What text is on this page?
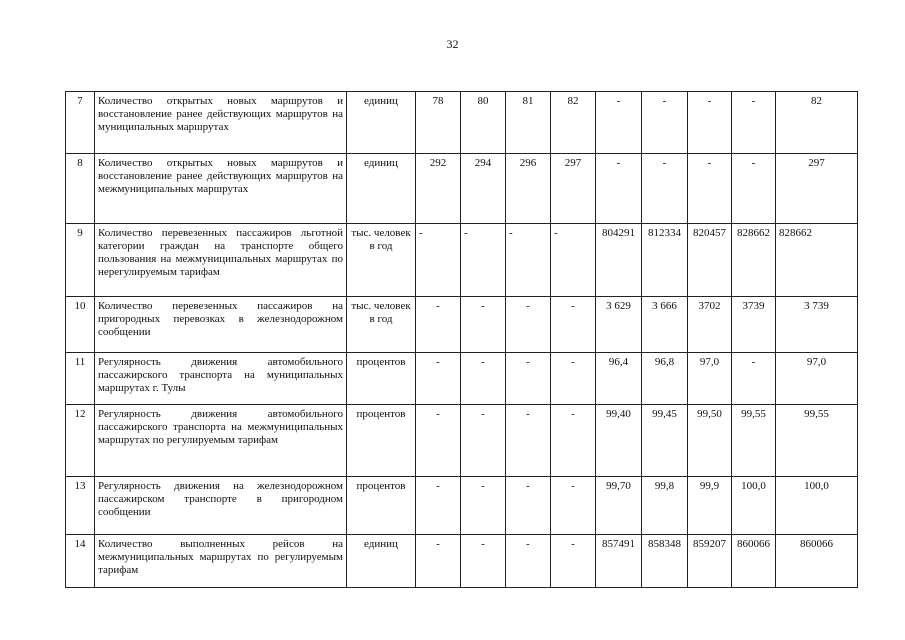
32
7	Количество открытых новых маршрутов и восстановление ранее действующих маршрутов на муниципальных маршрутах	единиц	78	80	81	82	-	-	-	-	82
8	Количество открытых новых маршрутов и восстановление ранее действующих маршрутов на межмуниципальных маршрутах	единиц	292	294	296	297	-	-	-	-	297
9	Количество перевезенных пассажиров льготной категории граждан на транспорте общего пользования на межмуниципальных маршрутах по нерегулируемым тарифам	тыс. человек в год	-	-	-	-	804291	812334	820457	828662	828662
10	Количество перевезенных пассажиров на пригородных перевозках в железнодорожном сообщении	тыс. человек в год	-	-	-	-	3 629	3 666	3702	3739	3 739
11	Регулярность движения автомобильного пассажирского транспорта на муниципальных маршрутах г. Тулы	процентов	-	-	-	-	96,4	96,8	97,0	-	97,0
12	Регулярность движения автомобильного пассажирского транспорта на межмуниципальных маршрутах по регулируемым тарифам	процентов	-	-	-	-	99,40	99,45	99,50	99,55	99,55
13	Регулярность движения на железнодорожном пассажирском транспорте в пригородном сообщении	процентов	-	-	-	-	99,70	99,8	99,9	100,0	100,0
14	Количество выполненных рейсов на межмуниципальных маршрутах по регулируемым тарифам	единиц	-	-	-	-	857491	858348	859207	860066	860066
